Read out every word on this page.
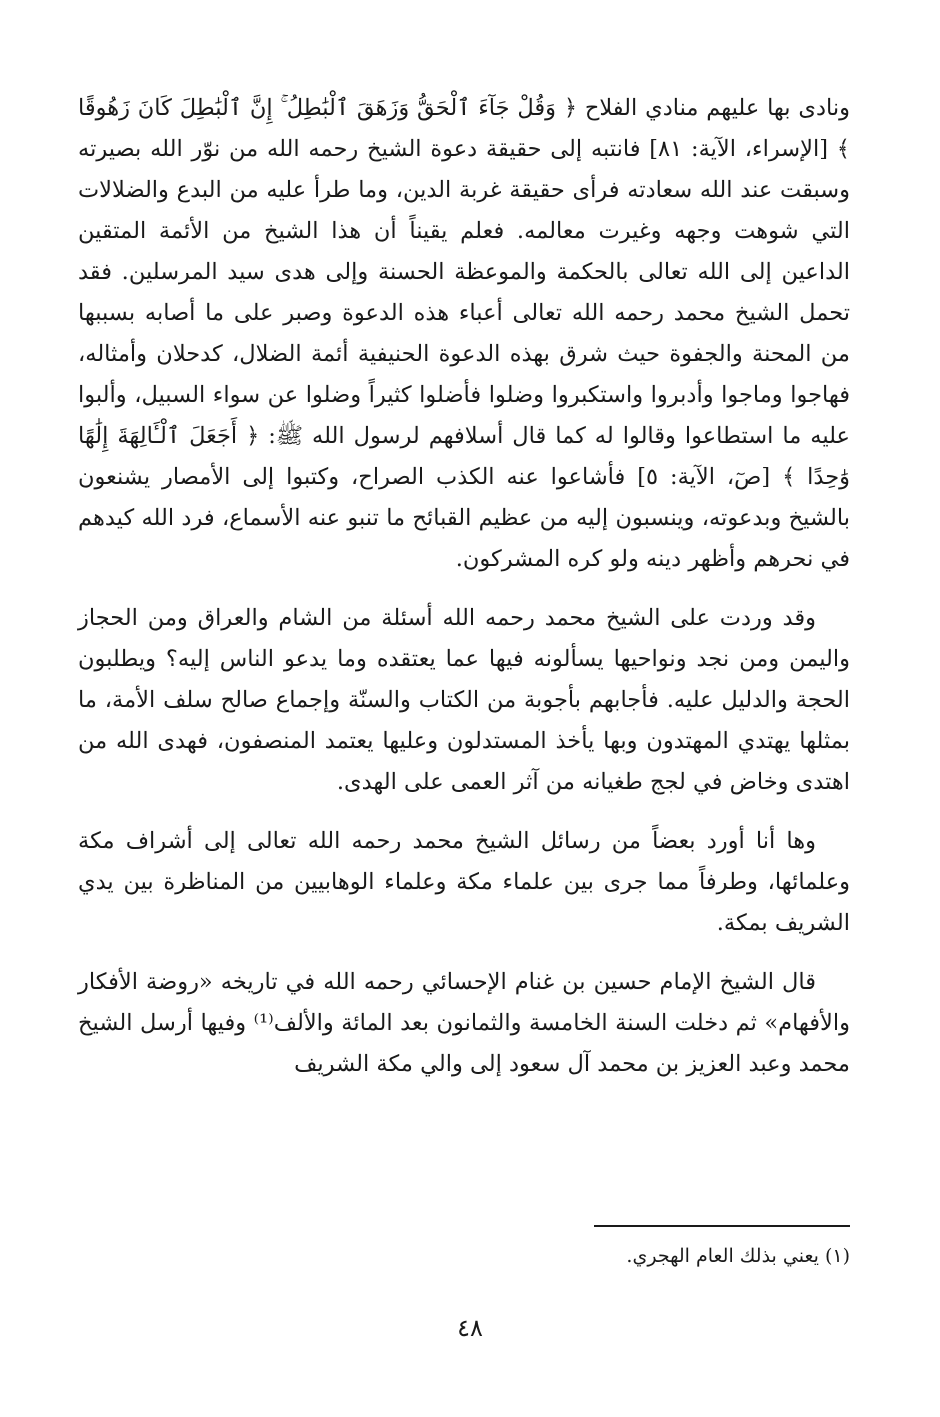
ونادى بها عليهم منادي الفلاح ﴿ وَقُلْ جَآءَ ٱلْحَقُّ وَزَهَقَ ٱلْبَٰطِلُ ۚ إِنَّ ٱلْبَٰطِلَ كَانَ زَهُوقًا ﴾ [الإسراء، الآية: ٨١] فانتبه إلى حقيقة دعوة الشيخ رحمه الله من نوّر الله بصيرته وسبقت عند الله سعادته فرأى حقيقة غربة الدين، وما طرأ عليه من البدع والضلالات التي شوهت وجهه وغيرت معالمه. فعلم يقيناً أن هذا الشيخ من الأئمة المتقين الداعين إلى الله تعالى بالحكمة والموعظة الحسنة وإلى هدى سيد المرسلين. فقد تحمل الشيخ محمد رحمه الله تعالى أعباء هذه الدعوة وصبر على ما أصابه بسببها من المحنة والجفوة حيث شرق بهذه الدعوة الحنيفية أئمة الضلال، كدحلان وأمثاله، فهاجوا وماجوا وأدبروا واستكبروا وضلوا فأضلوا كثيراً وضلوا عن سواء السبيل، وألبوا عليه ما استطاعوا وقالوا له كما قال أسلافهم لرسول الله ﷺ: ﴿ أَجَعَلَ ٱلْـَٔالِهَةَ إِلَٰهًا وَٰحِدًا ﴾ [صٓ، الآية: ٥] فأشاعوا عنه الكذب الصراح، وكتبوا إلى الأمصار يشنعون بالشيخ وبدعوته، وينسبون إليه من عظيم القبائح ما تنبو عنه الأسماع، فرد الله كيدهم في نحرهم وأظهر دينه ولو كره المشركون.

وقد وردت على الشيخ محمد رحمه الله أسئلة من الشام والعراق ومن الحجاز واليمن ومن نجد ونواحيها يسألونه فيها عما يعتقده وما يدعو الناس إليه؟ ويطلبون الحجة والدليل عليه. فأجابهم بأجوبة من الكتاب والسنّة وإجماع صالح سلف الأمة، ما بمثلها يهتدي المهتدون وبها يأخذ المستدلون وعليها يعتمد المنصفون، فهدى الله من اهتدى وخاض في لجج طغيانه من آثر العمى على الهدى.

وها أنا أورد بعضاً من رسائل الشيخ محمد رحمه الله تعالى إلى أشراف مكة وعلمائها، وطرفاً مما جرى بين علماء مكة وعلماء الوهابيين من المناظرة بين يدي الشريف بمكة.

قال الشيخ الإمام حسين بن غنام الإحسائي رحمه الله في تاريخه «روضة الأفكار والأفهام» ثم دخلت السنة الخامسة والثمانون بعد المائة والألف⁽¹⁾ وفيها أرسل الشيخ محمد وعبد العزيز بن محمد آل سعود إلى والي مكة الشريف

(١) يعني بذلك العام الهجري.
٤٨
